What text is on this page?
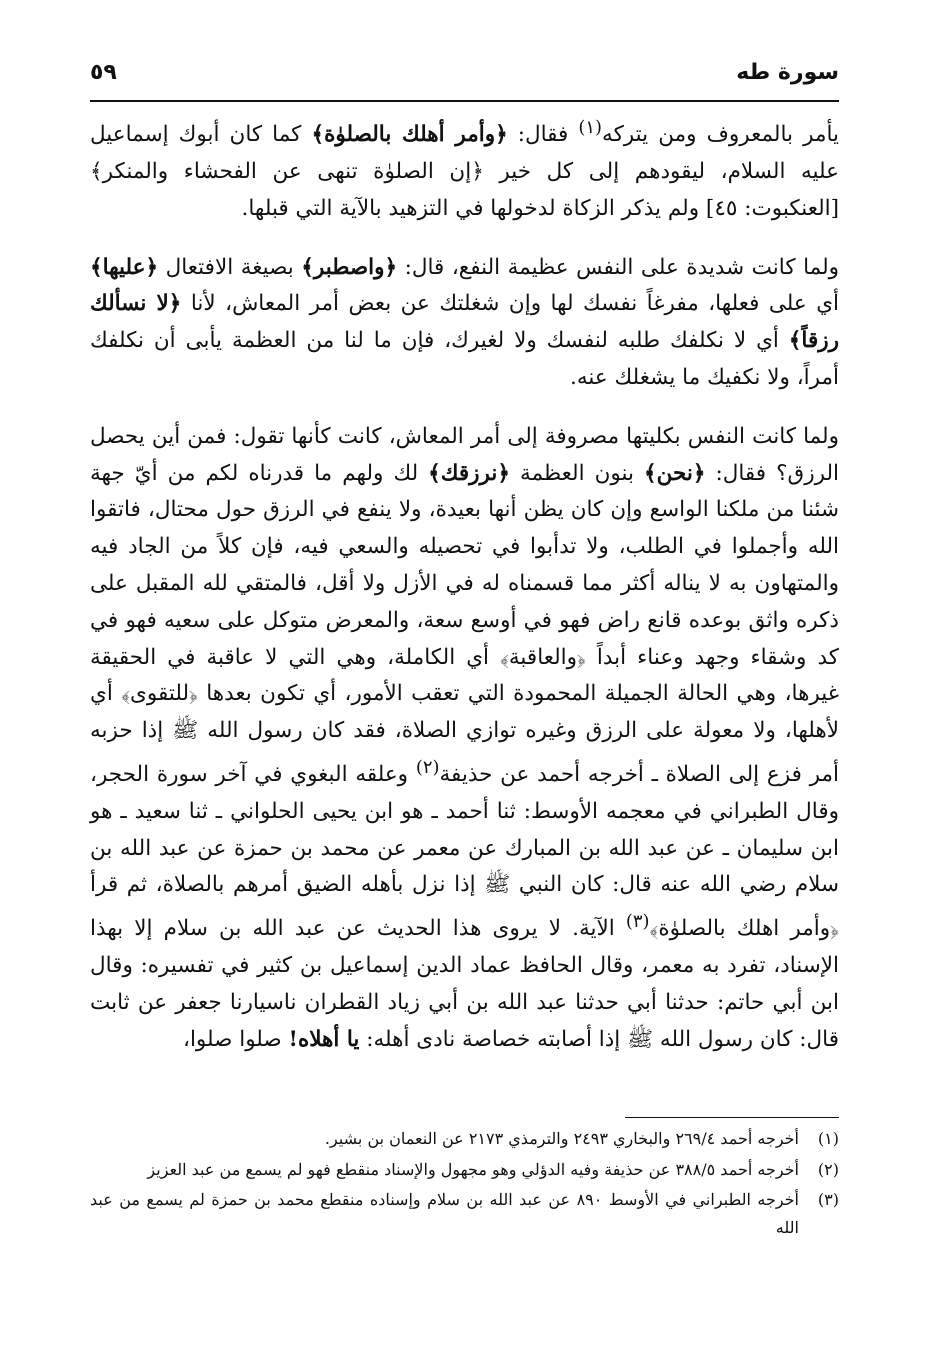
سورة طه
٥٩

يأمر بالمعروف ومن يتركه$^{(١)}$ فقال: ﴿وأمر أهلك بالصلوٰة﴾ كما كان أبوك إسماعيل عليه السلام، ليقودهم إلى كل خير ﴿إن الصلوٰة تنهى عن الفحشاء والمنكر﴾ [العنكبوت: ٤٥] ولم يذكر الزكاة لدخولها في التزهيد بالآية التي قبلها.

ولما كانت شديدة على النفس عظيمة النفع، قال: ﴿واصطبر﴾ بصيغة الافتعال ﴿عليها﴾ أي على فعلها، مفرغاً نفسك لها وإن شغلتك عن بعض أمر المعاش، لأنا ﴿لا نسألك رزقاً﴾ أي لا نكلفك طلبه لنفسك ولا لغيرك، فإن ما لنا من العظمة يأبى أن نكلفك أمراً، ولا نكفيك ما يشغلك عنه.

ولما كانت النفس بكليتها مصروفة إلى أمر المعاش، كانت كأنها تقول: فمن أين يحصل الرزق؟ فقال: ﴿نحن﴾ بنون العظمة ﴿نرزقك﴾ لك ولهم ما قدرناه لكم من أيّ جهة شئنا من ملكنا الواسع وإن كان يظن أنها بعيدة، ولا ينفع في الرزق حول محتال، فاتقوا الله وأجملوا في الطلب، ولا تدأبوا في تحصيله والسعي فيه، فإن كلاً من الجاد فيه والمتهاون به لا يناله أكثر مما قسمناه له في الأزل ولا أقل، فالمتقي لله المقبل على ذكره واثق بوعده قانع راض فهو في أوسع سعة، والمعرض متوكل على سعيه فهو في كد وشقاء وجهد وعناء أبداً ﴿والعاقبة﴾ أي الكاملة، وهي التي لا عاقبة في الحقيقة غيرها، وهي الحالة الجميلة المحمودة التي تعقب الأمور، أي تكون بعدها ﴿للتقوى﴾ أي لأهلها، ولا معولة على الرزق وغيره توازي الصلاة، فقد كان رسول الله ﷺ إذا حزبه أمر فزع إلى الصلاة ـ أخرجه أحمد عن حذيفة$^{(٢)}$ وعلقه البغوي في آخر سورة الحجر، وقال الطبراني في معجمه الأوسط: ثنا أحمد ـ هو ابن يحيى الحلواني ـ ثنا سعيد ـ هو ابن سليمان ـ عن عبد الله بن المبارك عن معمر عن محمد بن حمزة عن عبد الله بن سلام رضي الله عنه قال: كان النبي ﷺ إذا نزل بأهله الضيق أمرهم بالصلاة، ثم قرأ ﴿وأمر اهلك بالصلوٰة﴾$^{(٣)}$ الآية. لا يروى هذا الحديث عن عبد الله بن سلام إلا بهذا الإسناد، تفرد به معمر، وقال الحافظ عماد الدين إسماعيل بن كثير في تفسيره: وقال ابن أبي حاتم: حدثنا أبي حدثنا عبد الله بن أبي زياد القطران ناسيارنا جعفر عن ثابت قال: كان رسول الله ﷺ إذا أصابته خصاصة نادى أهله: يا أهلاه! صلوا صلوا،

(١)
أخرجه أحمد ٢٦٩/٤ والبخاري ٢٤٩٣ والترمذي ٢١٧٣ عن النعمان بن بشير.
(٢)
أخرجه أحمد ٣٨٨/٥ عن حذيفة وفيه الدؤلي وهو مجهول والإسناد منقطع فهو لم يسمع من عبد العزيز
(٣)
أخرجه الطبراني في الأوسط ٨٩٠ عن عبد الله بن سلام وإسناده منقطع محمد بن حمزة لم يسمع من عبد الله
